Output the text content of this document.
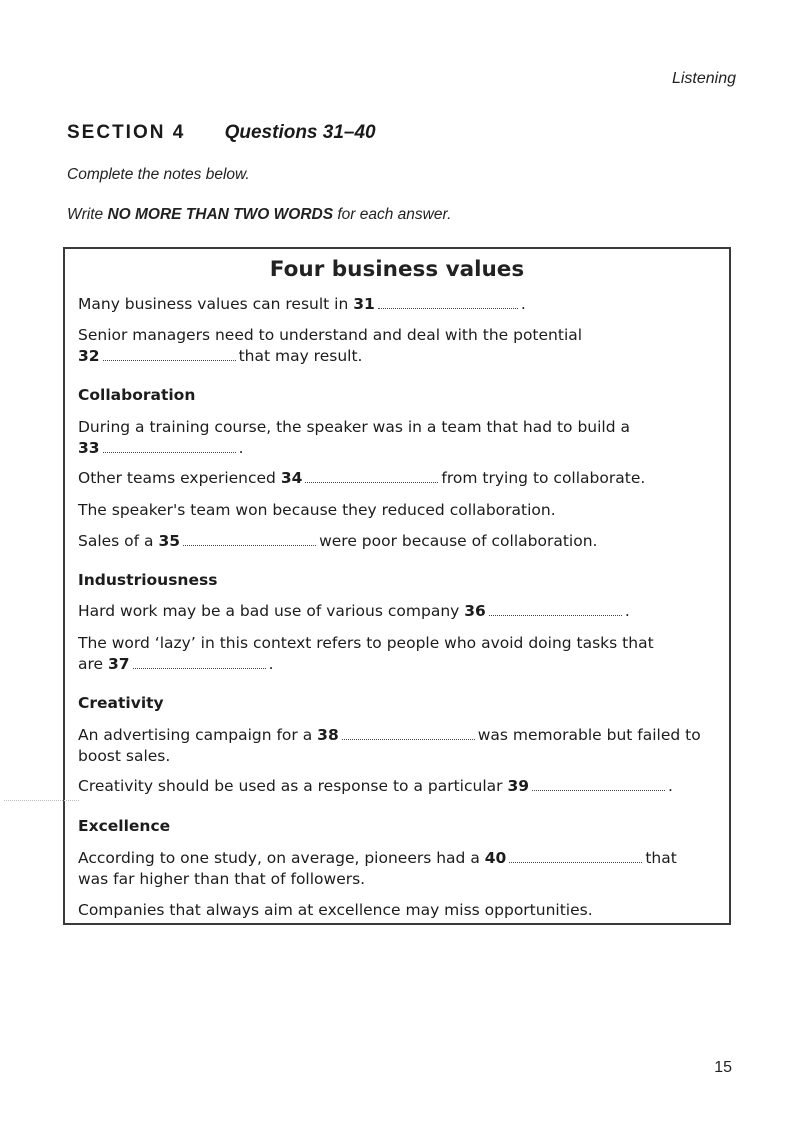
Listening
SECTION 4 Questions 31–40
Complete the notes below.
Write NO MORE THAN TWO WORDS for each answer.
Four business values
Many business values can result in 31	.
Senior managers need to understand and deal with the potential
32	that may result.
Collaboration
During a training course, the speaker was in a team that had to build a
33	.
Other teams experienced 34	from trying to collaborate.
The speaker's team won because they reduced collaboration.
Sales of a 35	were poor because of collaboration.
Industriousness
Hard work may be a bad use of various company 36	.
The word ‘lazy’ in this context refers to people who avoid doing tasks that
are 37	.
Creativity
An advertising campaign for a 38	was memorable but failed to
boost sales.
Creativity should be used as a response to a particular 39	.
Excellence
According to one study, on average, pioneers had a 40	that
was far higher than that of followers.
Companies that always aim at excellence may miss opportunities.
15
